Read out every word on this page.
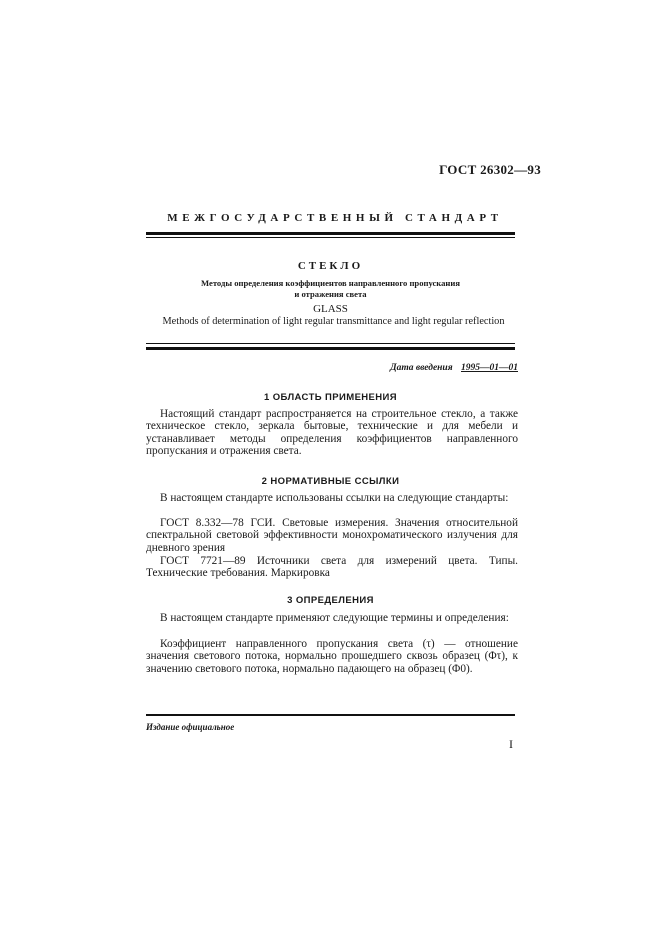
ГОСТ 26302—93
МЕЖГОСУДАРСТВЕННЫЙ СТАНДАРТ
СТЕКЛО
Методы определения коэффициентов направленного пропускания
и отражения света
GLASS
Methods of determination of light regular transmittance and light regular reflection
Дата введения 1995—01—01
1 ОБЛАСТЬ ПРИМЕНЕНИЯ
Настоящий стандарт распространяется на строительное стекло, а также техническое стекло, зеркала бытовые, технические и для мебели и устанавливает методы определения коэффициентов направленного пропускания и отражения света.
2 НОРМАТИВНЫЕ ССЫЛКИ
В настоящем стандарте использованы ссылки на следующие стандарты:
ГОСТ 8.332—78 ГСИ. Световые измерения. Значения относительной спектральной световой эффективности монохроматического излучения для дневного зрения
ГОСТ 7721—89 Источники света для измерений цвета. Типы. Технические требования. Маркировка
3 ОПРЕДЕЛЕНИЯ
В настоящем стандарте применяют следующие термины и определения:
Коэффициент направленного пропускания света (τ) — отношение значения светового потока, нормально прошедшего сквозь образец (Φτ), к значению светового потока, нормально падающего на образец (Φ0).
Издание официальное
I
